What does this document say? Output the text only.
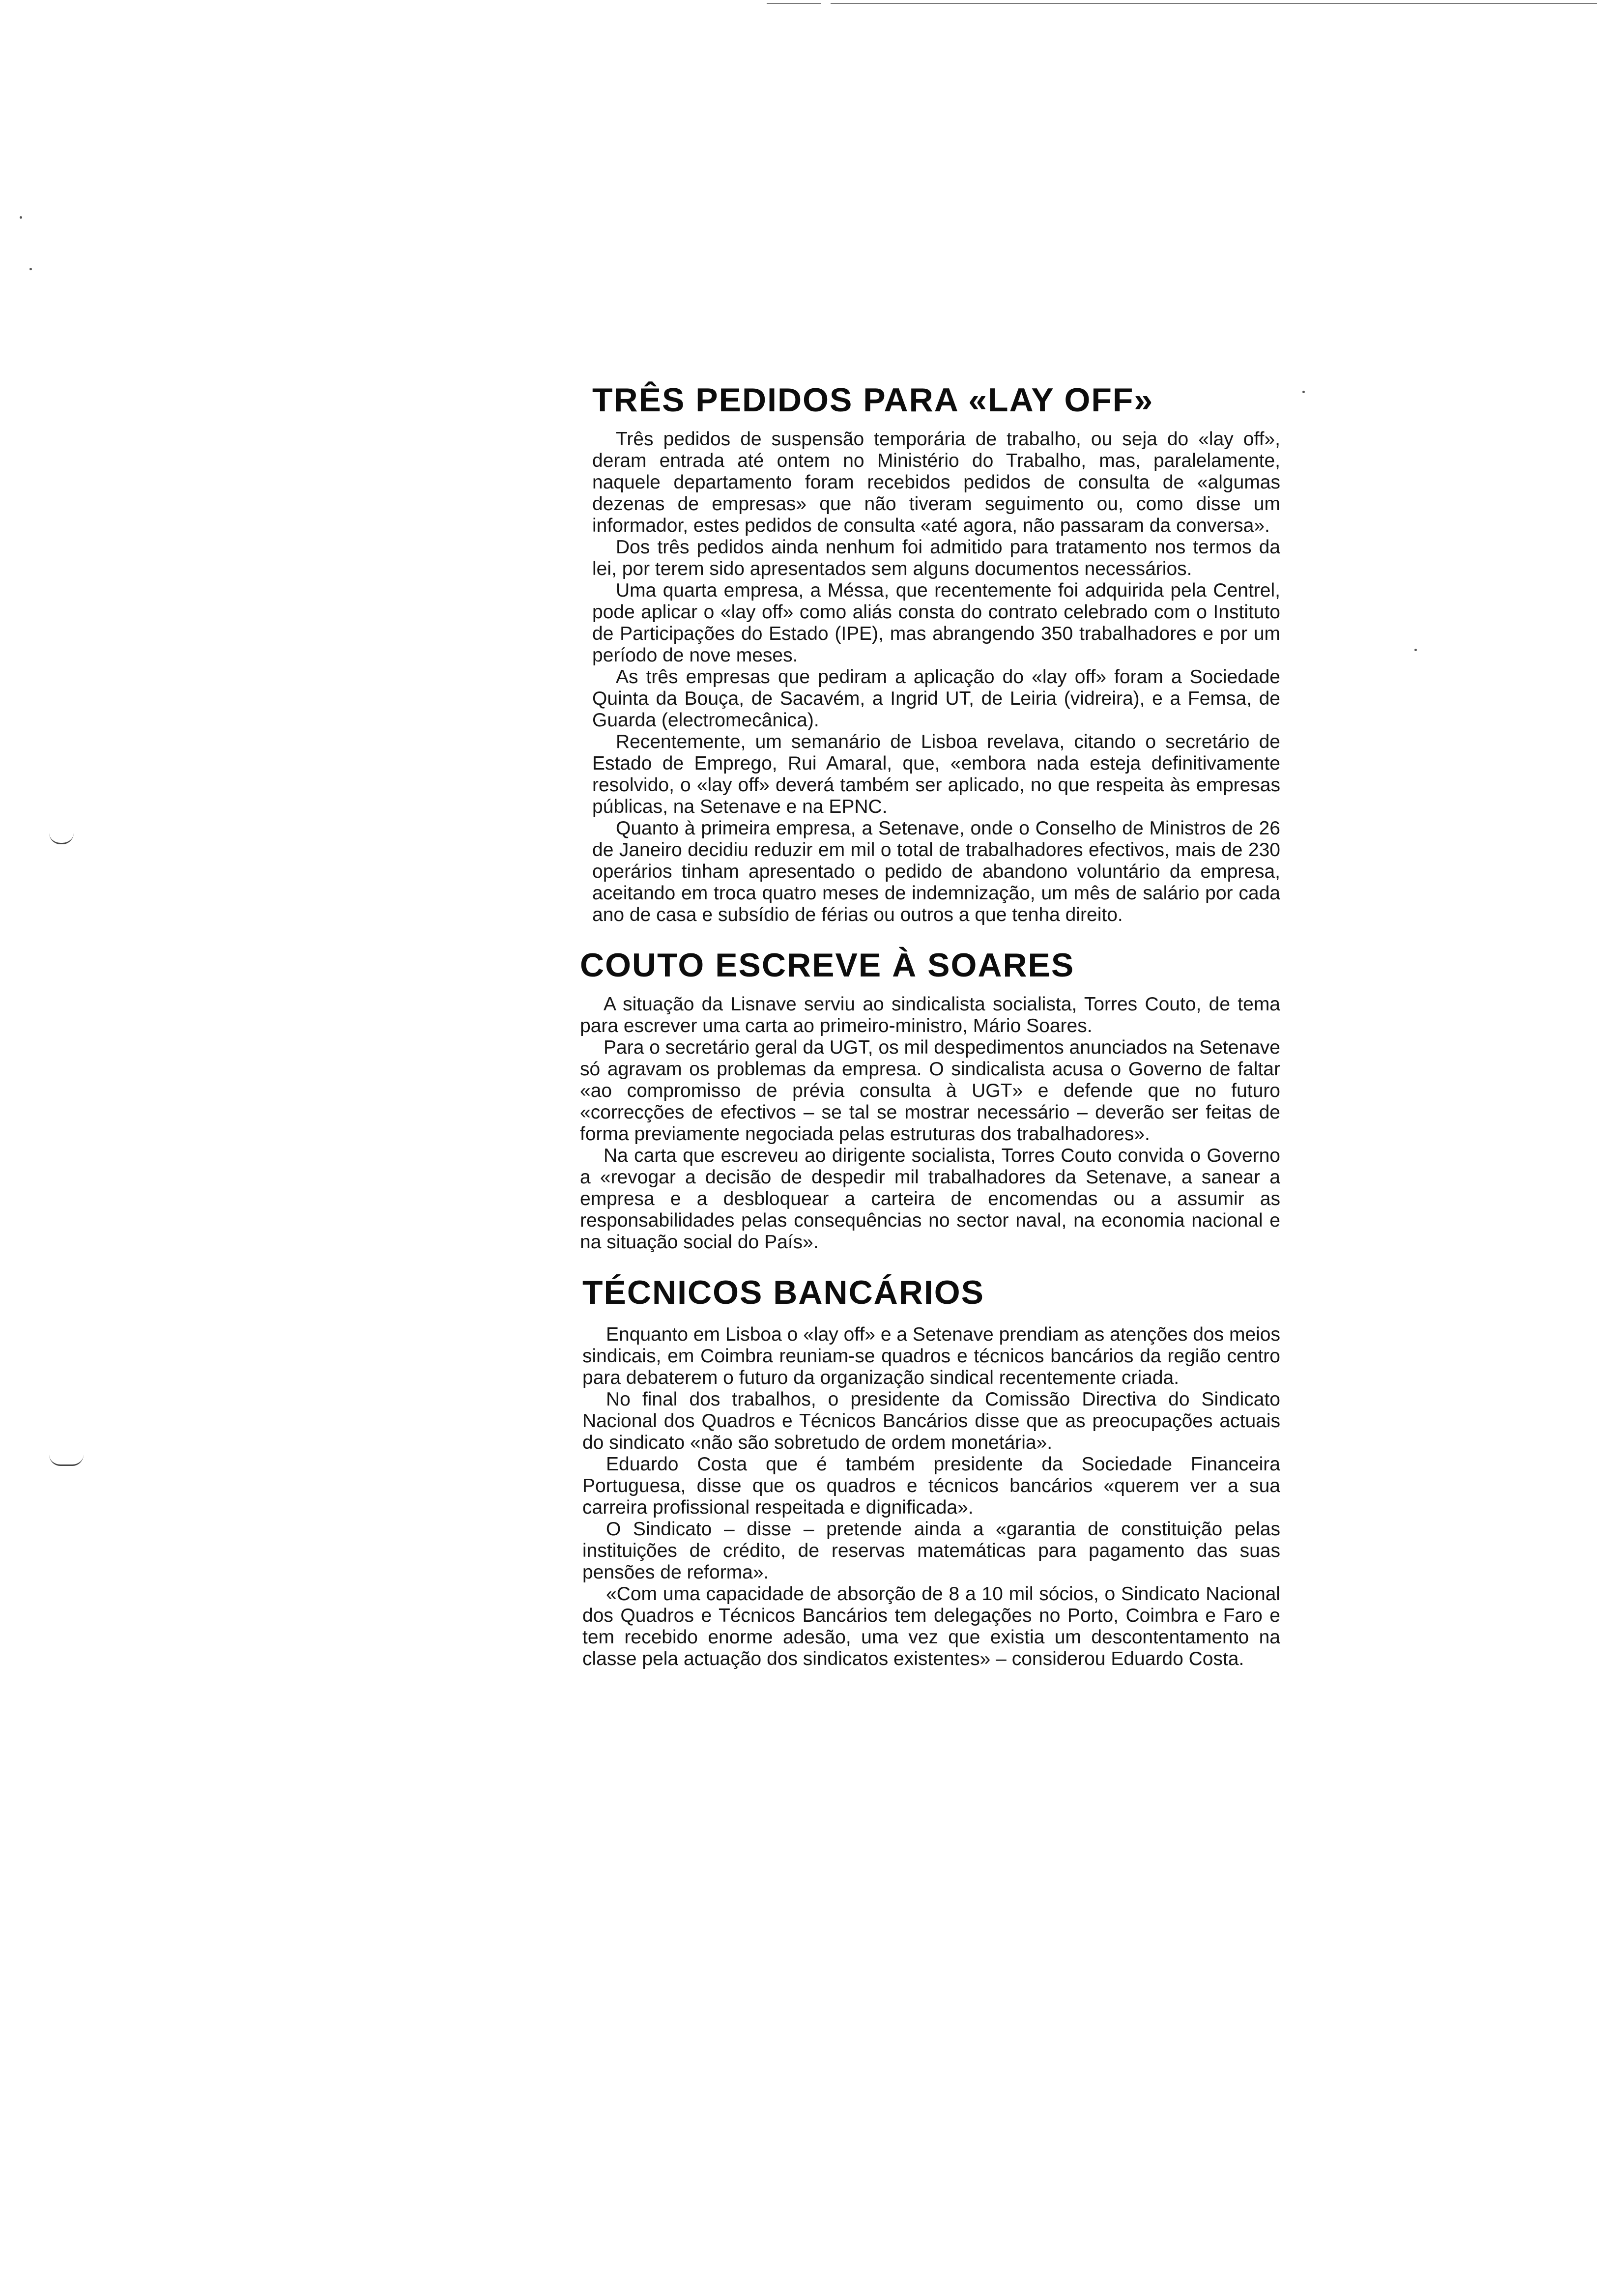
TRÊS PEDIDOS PARA «LAY OFF»

Três pedidos de suspensão temporária de trabalho, ou seja do «lay off», deram entrada até ontem no Ministério do Trabalho, mas, paralelamente, naquele departamento foram recebidos pedidos de consulta de «algumas dezenas de empresas» que não tiveram seguimento ou, como disse um informador, estes pedidos de consulta «até agora, não passaram da conversa».

Dos três pedidos ainda nenhum foi admitido para tratamento nos termos da lei, por terem sido apresentados sem alguns documentos necessários.

Uma quarta empresa, a Méssa, que recentemente foi adquirida pela Centrel, pode aplicar o «lay off» como aliás consta do contrato celebrado com o Instituto de Participações do Estado (IPE), mas abrangendo 350 trabalhadores e por um período de nove meses.

As três empresas que pediram a aplicação do «lay off» foram a Sociedade Quinta da Bouça, de Sacavém, a Ingrid UT, de Leiria (vidreira), e a Femsa, de Guarda (electromecânica).

Recentemente, um semanário de Lisboa revelava, citando o secretário de Estado de Emprego, Rui Amaral, que, «embora nada esteja definitivamente resolvido, o «lay off» deverá também ser aplicado, no que respeita às empresas públicas, na Setenave e na EPNC.

Quanto à primeira empresa, a Setenave, onde o Conselho de Ministros de 26 de Janeiro decidiu reduzir em mil o total de trabalhadores efectivos, mais de 230 operários tinham apresentado o pedido de abandono voluntário da empresa, aceitando em troca quatro meses de indemnização, um mês de salário por cada ano de casa e subsídio de férias ou outros a que tenha direito.

COUTO ESCREVE À SOARES

A situação da Lisnave serviu ao sindicalista socialista, Torres Couto, de tema para escrever uma carta ao primeiro-ministro, Mário Soares.

Para o secretário geral da UGT, os mil despedimentos anunciados na Setenave só agravam os problemas da empresa. O sindicalista acusa o Governo de faltar «ao compromisso de prévia consulta à UGT» e defende que no futuro «correcções de efectivos – se tal se mostrar necessário – deverão ser feitas de forma previamente negociada pelas estruturas dos trabalhadores».

Na carta que escreveu ao dirigente socialista, Torres Couto convida o Governo a «revogar a decisão de despedir mil trabalhadores da Setenave, a sanear a empresa e a desbloquear a carteira de encomendas ou a assumir as responsabilidades pelas consequências no sector naval, na economia nacional e na situação social do País».

TÉCNICOS BANCÁRIOS

Enquanto em Lisboa o «lay off» e a Setenave prendiam as atenções dos meios sindicais, em Coimbra reuniam-se quadros e técnicos bancários da região centro para debaterem o futuro da organização sindical recentemente criada.

No final dos trabalhos, o presidente da Comissão Directiva do Sindicato Nacional dos Quadros e Técnicos Bancários disse que as preocupações actuais do sindicato «não são sobretudo de ordem monetária».

Eduardo Costa que é também presidente da Sociedade Financeira Portuguesa, disse que os quadros e técnicos bancários «querem ver a sua carreira profissional respeitada e dignificada».

O Sindicato – disse – pretende ainda a «garantia de constituição pelas instituições de crédito, de reservas matemáticas para pagamento das suas pensões de reforma».

«Com uma capacidade de absorção de 8 a 10 mil sócios, o Sindicato Nacional dos Quadros e Técnicos Bancários tem delegações no Porto, Coimbra e Faro e tem recebido enorme adesão, uma vez que existia um descontentamento na classe pela actuação dos sindicatos existentes» – considerou Eduardo Costa.
